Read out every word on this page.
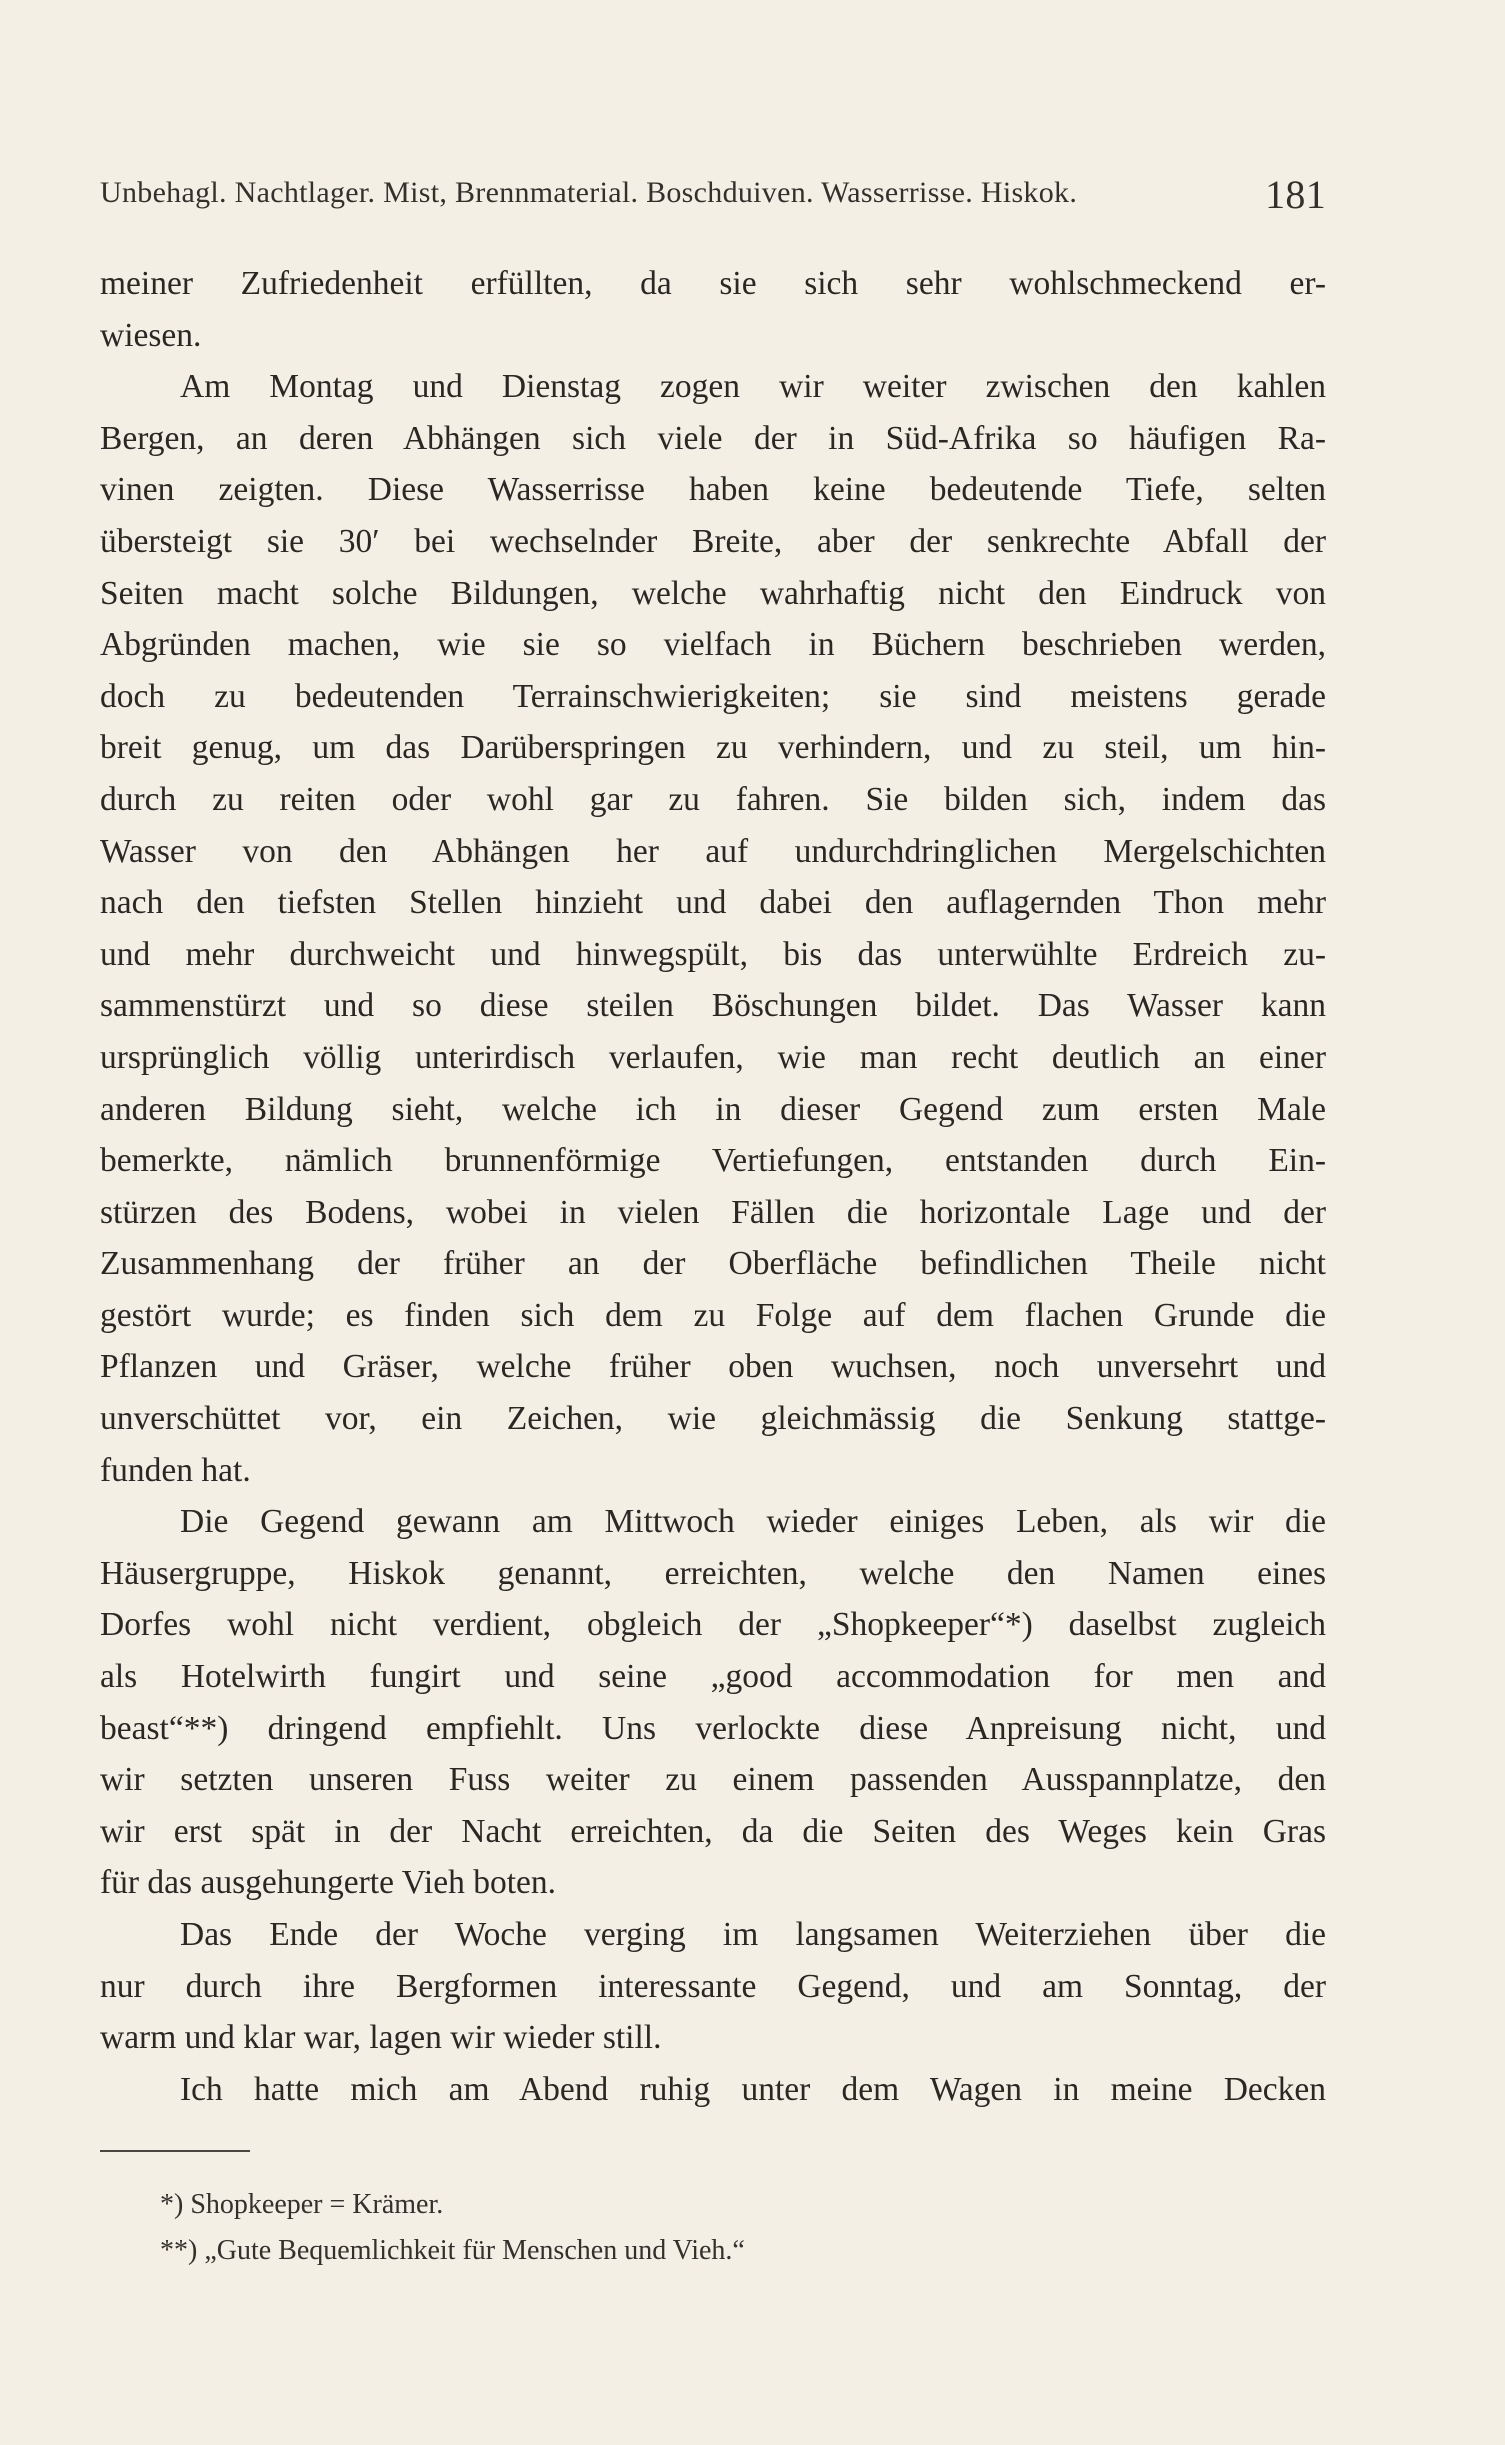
Unbehagl. Nachtlager. Mist, Brennmaterial. Boschduiven. Wasserrisse. Hiskok.	181
meiner Zufriedenheit erfüllten, da sie sich sehr wohlschmeckend er-
wiesen.
Am Montag und Dienstag zogen wir weiter zwischen den kahlen
Bergen, an deren Abhängen sich viele der in Süd-Afrika so häufigen Ra-
vinen zeigten. Diese Wasserrisse haben keine bedeutende Tiefe, selten
übersteigt sie 30′ bei wechselnder Breite, aber der senkrechte Abfall der
Seiten macht solche Bildungen, welche wahrhaftig nicht den Eindruck von
Abgründen machen, wie sie so vielfach in Büchern beschrieben werden,
doch zu bedeutenden Terrainschwierigkeiten; sie sind meistens gerade
breit genug, um das Darüberspringen zu verhindern, und zu steil, um hin-
durch zu reiten oder wohl gar zu fahren. Sie bilden sich, indem das
Wasser von den Abhängen her auf undurchdringlichen Mergelschichten
nach den tiefsten Stellen hinzieht und dabei den auflagernden Thon mehr
und mehr durchweicht und hinwegspült, bis das unterwühlte Erdreich zu-
sammenstürzt und so diese steilen Böschungen bildet. Das Wasser kann
ursprünglich völlig unterirdisch verlaufen, wie man recht deutlich an einer
anderen Bildung sieht, welche ich in dieser Gegend zum ersten Male
bemerkte, nämlich brunnenförmige Vertiefungen, entstanden durch Ein-
stürzen des Bodens, wobei in vielen Fällen die horizontale Lage und der
Zusammenhang der früher an der Oberfläche befindlichen Theile nicht
gestört wurde; es finden sich dem zu Folge auf dem flachen Grunde die
Pflanzen und Gräser, welche früher oben wuchsen, noch unversehrt und
unverschüttet vor, ein Zeichen, wie gleichmässig die Senkung stattge-
funden hat.
Die Gegend gewann am Mittwoch wieder einiges Leben, als wir die
Häusergruppe, Hiskok genannt, erreichten, welche den Namen eines
Dorfes wohl nicht verdient, obgleich der „Shopkeeper“*) daselbst zugleich
als Hotelwirth fungirt und seine „good accommodation for men and
beast“**) dringend empfiehlt. Uns verlockte diese Anpreisung nicht, und
wir setzten unseren Fuss weiter zu einem passenden Ausspannplatze, den
wir erst spät in der Nacht erreichten, da die Seiten des Weges kein Gras
für das ausgehungerte Vieh boten.
Das Ende der Woche verging im langsamen Weiterziehen über die
nur durch ihre Bergformen interessante Gegend, und am Sonntag, der
warm und klar war, lagen wir wieder still.
Ich hatte mich am Abend ruhig unter dem Wagen in meine Decken
*) Shopkeeper = Krämer.
**) „Gute Bequemlichkeit für Menschen und Vieh.“
